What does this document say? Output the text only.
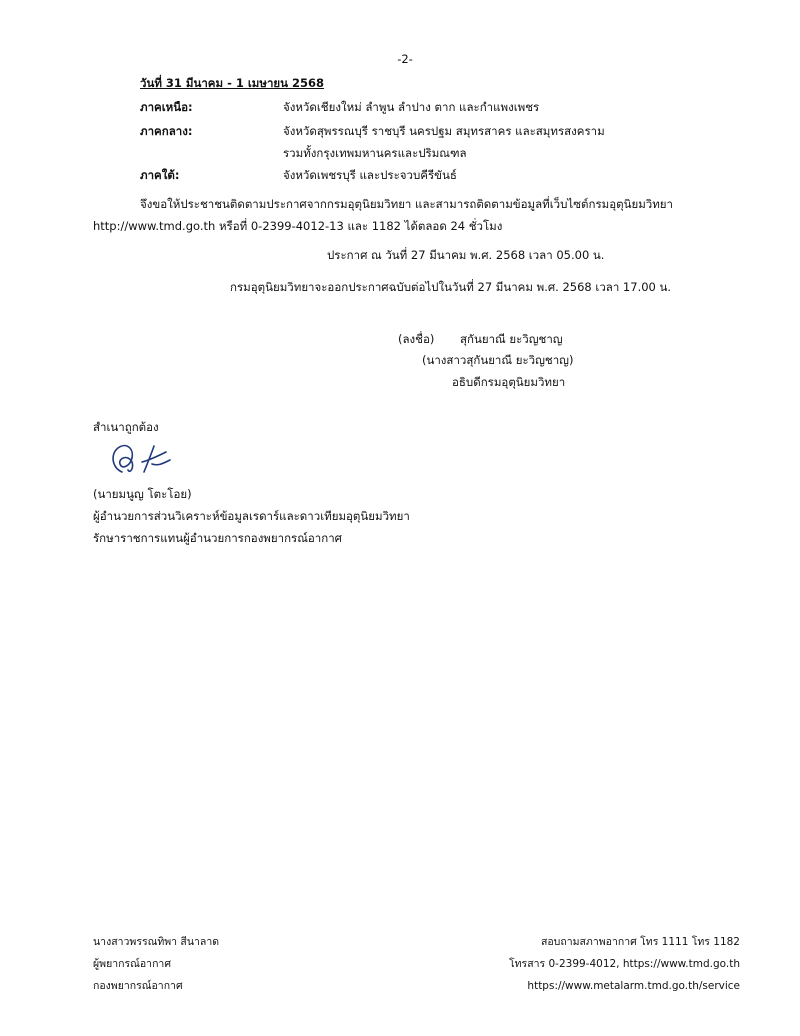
-2-
วันที่ 31 มีนาคม - 1 เมษายน 2568
ภาคเหนือ:	จังหวัดเชียงใหม่ ลำพูน ลำปาง ตาก และกำแพงเพชร
ภาคกลาง:	จังหวัดสุพรรณบุรี ราชบุรี นครปฐม สมุทรสาคร และสมุทรสงคราม
รวมทั้งกรุงเทพมหานครและปริมณฑล
ภาคใต้:	จังหวัดเพชรบุรี และประจวบคีรีขันธ์
จึงขอให้ประชาชนติดตามประกาศจากกรมอุตุนิยมวิทยา และสามารถติดตามข้อมูลที่เว็บไซต์กรมอุตุนิยมวิทยา
http://www.tmd.go.th หรือที่ 0-2399-4012-13 และ 1182 ได้ตลอด 24 ชั่วโมง
ประกาศ ณ วันที่ 27 มีนาคม พ.ศ. 2568 เวลา 05.00 น.
กรมอุตุนิยมวิทยาจะออกประกาศฉบับต่อไปในวันที่ 27 มีนาคม พ.ศ. 2568 เวลา 17.00 น.
(ลงชื่อ) สุกันยาณี ยะวิญชาญ
(นางสาวสุกันยาณี ยะวิญชาญ)
อธิบดีกรมอุตุนิยมวิทยา
สำเนาถูกต้อง
(นายมนูญ โตะโอย)
ผู้อำนวยการส่วนวิเคราะห์ข้อมูลเรดาร์และดาวเทียมอุตุนิยมวิทยา
รักษาราชการแทนผู้อำนวยการกองพยากรณ์อากาศ
นางสาวพรรณทิพา สีนาลาด
ผู้พยากรณ์อากาศ
กองพยากรณ์อากาศ
สอบถามสภาพอากาศ โทร 1111 โทร 1182
โทรสาร 0-2399-4012, https://www.tmd.go.th
https://www.metalarm.tmd.go.th/service
